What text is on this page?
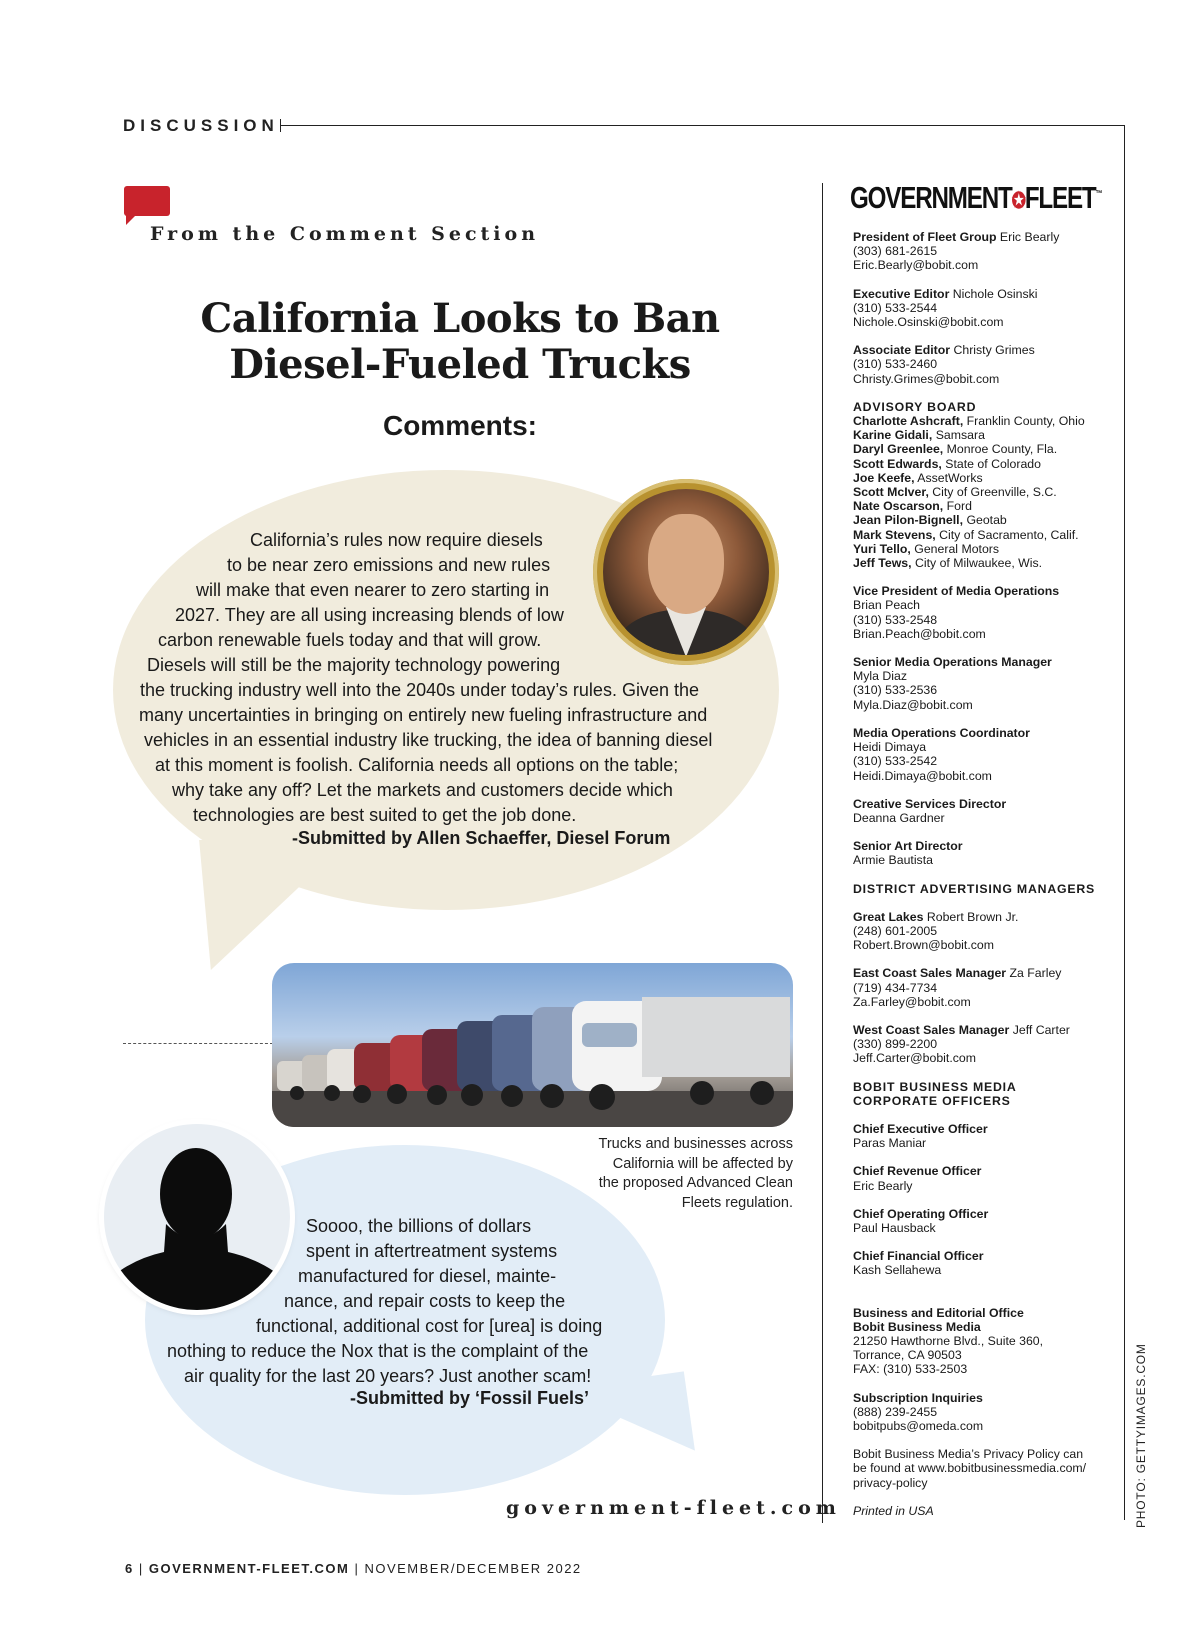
DISCUSSION
From the Comment Section
California Looks to Ban
Diesel-Fueled Trucks
Comments:
California’s rules now require diesels
to be near zero emissions and new rules
will make that even nearer to zero starting in
2027. They are all using increasing blends of low
carbon renewable fuels today and that will grow.
Diesels will still be the majority technology powering
the trucking industry well into the 2040s under today’s rules. Given the
many uncertainties in bringing on entirely new fueling infrastructure and
vehicles in an essential industry like trucking, the idea of banning diesel
at this moment is foolish. California needs all options on the table;
why take any off? Let the markets and customers decide which
technologies are best suited to get the job done.
-Submitted by Allen Schaeffer, Diesel Forum
Trucks and businesses across
California will be affected by
the proposed Advanced Clean
Fleets regulation.
Soooo, the billions of dollars
spent in aftertreatment systems
manufactured for diesel, mainte-
nance, and repair costs to keep the
functional, additional cost for [urea] is doing
nothing to reduce the Nox that is the complaint of the
air quality for the last 20 years? Just another scam!
-Submitted by ‘Fossil Fuels’
government-fleet.com
6 | GOVERNMENT-FLEET.COM | NOVEMBER/DECEMBER 2022
GOVERNMENT✪FLEET™
President of Fleet Group Eric Bearly
(303) 681-2615
Eric.Bearly@bobit.com
Executive Editor Nichole Osinski
(310) 533-2544
Nichole.Osinski@bobit.com
Associate Editor Christy Grimes
(310) 533-2460
Christy.Grimes@bobit.com
ADVISORY BOARD
Charlotte Ashcraft, Franklin County, Ohio
Karine Gidali, Samsara
Daryl Greenlee, Monroe County, Fla.
Scott Edwards, State of Colorado
Joe Keefe, AssetWorks
Scott McIver, City of Greenville, S.C.
Nate Oscarson, Ford
Jean Pilon-Bignell, Geotab
Mark Stevens, City of Sacramento, Calif.
Yuri Tello, General Motors
Jeff Tews, City of Milwaukee, Wis.
Vice President of Media Operations
Brian Peach
(310) 533-2548
Brian.Peach@bobit.com
Senior Media Operations Manager
Myla Diaz
(310) 533-2536
Myla.Diaz@bobit.com
Media Operations Coordinator
Heidi Dimaya
(310) 533-2542
Heidi.Dimaya@bobit.com
Creative Services Director
Deanna Gardner
Senior Art Director
Armie Bautista
DISTRICT ADVERTISING MANAGERS
Great Lakes Robert Brown Jr.
(248) 601-2005
Robert.Brown@bobit.com
East Coast Sales Manager Za Farley
(719) 434-7734
Za.Farley@bobit.com
West Coast Sales Manager Jeff Carter
(330) 899-2200
Jeff.Carter@bobit.com
BOBIT BUSINESS MEDIA
CORPORATE OFFICERS
Chief Executive Officer
Paras Maniar
Chief Revenue Officer
Eric Bearly
Chief Operating Officer
Paul Hausback
Chief Financial Officer
Kash Sellahewa
Business and Editorial Office
Bobit Business Media
21250 Hawthorne Blvd., Suite 360,
Torrance, CA 90503
FAX: (310) 533-2503
Subscription Inquiries
(888) 239-2455
bobitpubs@omeda.com
Bobit Business Media’s Privacy Policy can
be found at www.bobitbusinessmedia.com/
privacy-policy
Printed in USA	PHOTO: GETTYIMAGES.COM
